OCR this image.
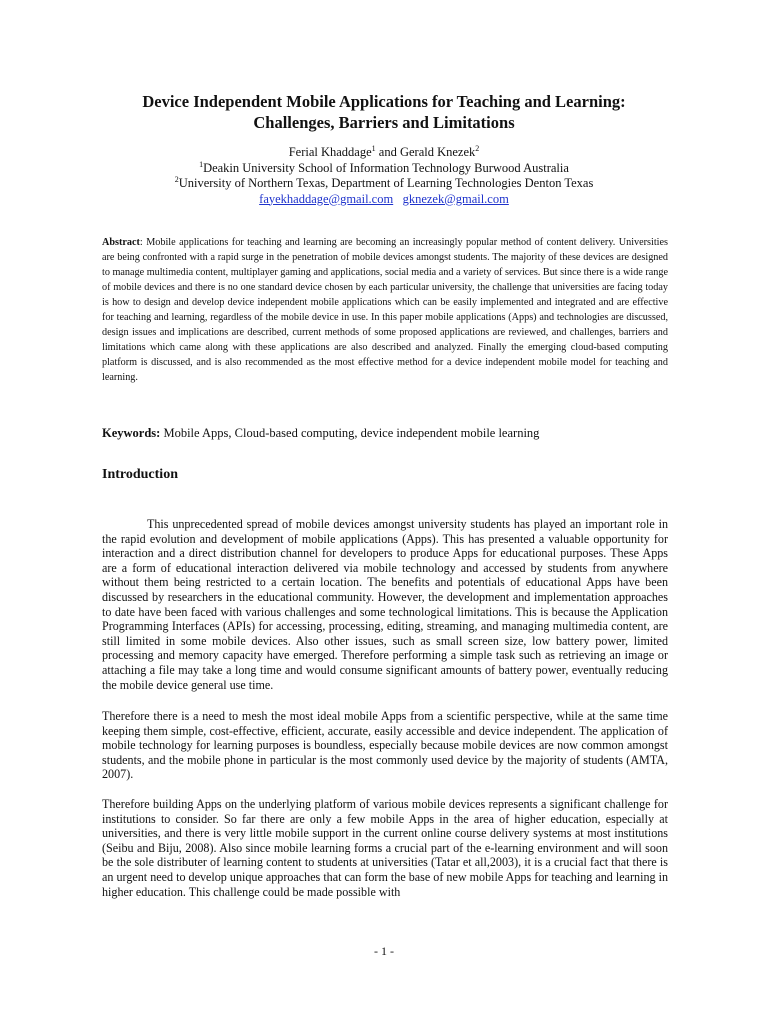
Device Independent Mobile Applications for Teaching and Learning:
Challenges, Barriers and Limitations
Ferial Khaddage$^1$ and Gerald Knezek$^2$
$^1$Deakin University School of Information Technology Burwood Australia
$^2$University of Northern Texas, Department of Learning Technologies Denton Texas
fayekhaddage@gmail.com gknezek@gmail.com

Abstract: Mobile applications for teaching and learning are becoming an increasingly popular method of content delivery. Universities are being confronted with a rapid surge in the penetration of mobile devices amongst students. The majority of these devices are designed to manage multimedia content, multiplayer gaming and applications, social media and a variety of services. But since there is a wide range of mobile devices and there is no one standard device chosen by each particular university, the challenge that universities are facing today is how to design and develop device independent mobile applications which can be easily implemented and integrated and are effective for teaching and learning, regardless of the mobile device in use. In this paper mobile applications (Apps) and technologies are discussed, design issues and implications are described, current methods of some proposed applications are reviewed, and challenges, barriers and limitations which came along with these applications are also described and analyzed. Finally the emerging cloud-based computing platform is discussed, and is also recommended as the most effective method for a device independent mobile model for teaching and learning.

Keywords: Mobile Apps, Cloud-based computing, device independent mobile learning

Introduction

This unprecedented spread of mobile devices amongst university students has played an important role in the rapid evolution and development of mobile applications (Apps). This has presented a valuable opportunity for interaction and a direct distribution channel for developers to produce Apps for educational purposes. These Apps are a form of educational interaction delivered via mobile technology and accessed by students from anywhere without them being restricted to a certain location. The benefits and potentials of educational Apps have been discussed by researchers in the educational community. However, the development and implementation approaches to date have been faced with various challenges and some technological limitations. This is because the Application Programming Interfaces (APIs) for accessing, processing, editing, streaming, and managing multimedia content, are still limited in some mobile devices. Also other issues, such as small screen size, low battery power, limited processing and memory capacity have emerged. Therefore performing a simple task such as retrieving an image or attaching a file may take a long time and would consume significant amounts of battery power, eventually reducing the mobile device general use time.

Therefore there is a need to mesh the most ideal mobile Apps from a scientific perspective, while at the same time keeping them simple, cost-effective, efficient, accurate, easily accessible and device independent. The application of mobile technology for learning purposes is boundless, especially because mobile devices are now common amongst students, and the mobile phone in particular is the most commonly used device by the majority of students (AMTA, 2007).

Therefore building Apps on the underlying platform of various mobile devices represents a significant challenge for institutions to consider. So far there are only a few mobile Apps in the area of higher education, especially at universities, and there is very little mobile support in the current online course delivery systems at most institutions (Seibu and Biju, 2008). Also since mobile learning forms a crucial part of the e-learning environment and will soon be the sole distributer of learning content to students at universities (Tatar et all,2003), it is a crucial fact that there is an urgent need to develop unique approaches that can form the base of new mobile Apps for teaching and learning in higher education. This challenge could be made possible with

- 1 -
